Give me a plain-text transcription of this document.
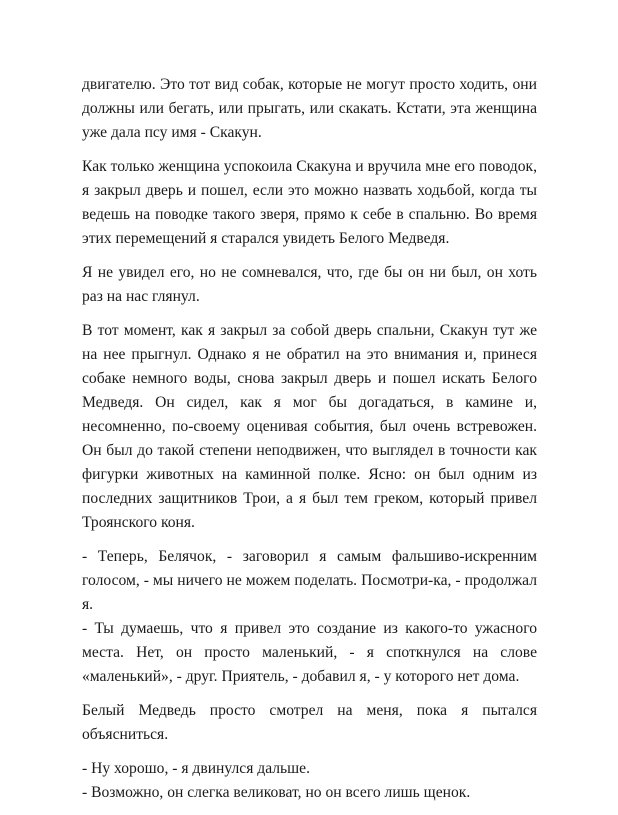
двигателю. Это тот вид собак, которые не могут просто ходить, они должны или бегать, или прыгать, или скакать. Кстати, эта женщина уже дала псу имя - Скакун.

Как только женщина успокоила Скакуна и вручила мне его поводок, я закрыл дверь и пошел, если это можно назвать ходьбой, когда ты ведешь на поводке такого зверя, прямо к себе в спальню. Во время этих перемещений я старался увидеть Белого Медведя.

Я не увидел его, но не сомневался, что, где бы он ни был, он хоть раз на нас глянул.

В тот момент, как я закрыл за собой дверь спальни, Скакун тут же на нее прыгнул. Однако я не обратил на это внимания и, принеся собаке немного воды, снова закрыл дверь и пошел искать Белого Медведя. Он сидел, как я мог бы догадаться, в камине и, несомненно, по-своему оценивая события, был очень встревожен. Он был до такой степени неподвижен, что выглядел в точности как фигурки животных на каминной полке. Ясно: он был одним из последних защитников Трои, а я был тем греком, который привел Троянского коня.

- Теперь, Белячок, - заговорил я самым фальшиво-искренним голосом, - мы ничего не можем поделать. Посмотри-ка, - продолжал я.

- Ты думаешь, что я привел это создание из какого-то ужасного места. Нет, он просто маленький, - я споткнулся на слове «маленький», - друг. Приятель, - добавил я, - у которого нет дома.

Белый Медведь просто смотрел на меня, пока я пытался объясниться.

- Ну хорошо, - я двинулся дальше.

- Возможно, он слегка великоват, но он всего лишь щенок.
